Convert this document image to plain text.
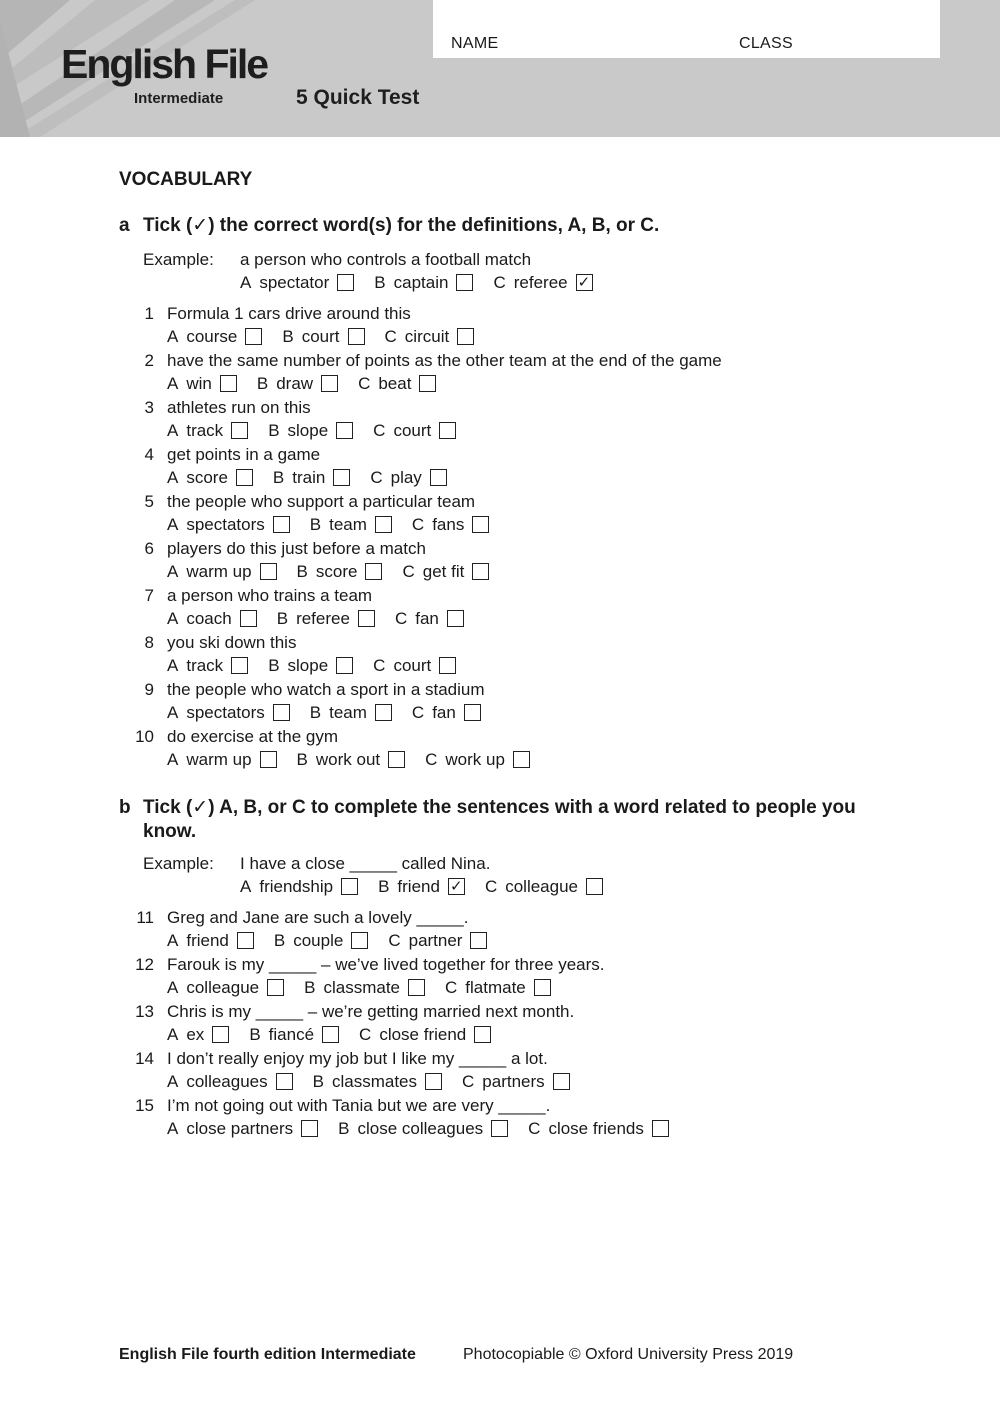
English File
Intermediate	5 Quick Test
NAME	CLASS
VOCABULARY
a Tick (✓) the correct word(s) for the definitions, A, B, or C.
Example: a person who controls a football match
A spectator	B captain	C referee ✓
1 Formula 1 cars drive around this
A course	B court	C circuit
2 have the same number of points as the other team at the end of the game
A win	B draw	C beat
3 athletes run on this
A track	B slope	C court
4 get points in a game
A score	B train	C play
5 the people who support a particular team
A spectators	B team	C fans
6 players do this just before a match
A warm up	B score	C get fit
7 a person who trains a team
A coach	B referee	C fan
8 you ski down this
A track	B slope	C court
9 the people who watch a sport in a stadium
A spectators	B team	C fan
10 do exercise at the gym
A warm up	B work out	C work up
b Tick (✓) A, B, or C to complete the sentences with a word related to people you know.
Example: I have a close _____ called Nina.
A friendship	B friend ✓ C colleague
11 Greg and Jane are such a lovely _____.
A friend	B couple	C partner
12 Farouk is my _____ – we’ve lived together for three years.
A colleague	B classmate	C flatmate
13 Chris is my _____ – we’re getting married next month.
A ex	B fiancé	C close friend
14 I don’t really enjoy my job but I like my _____ a lot.
A colleagues	B classmates	C partners
15 I’m not going out with Tania but we are very _____.
A close partners	B close colleagues	C close friends
English File fourth edition Intermediate	Photocopiable © Oxford University Press 2019
